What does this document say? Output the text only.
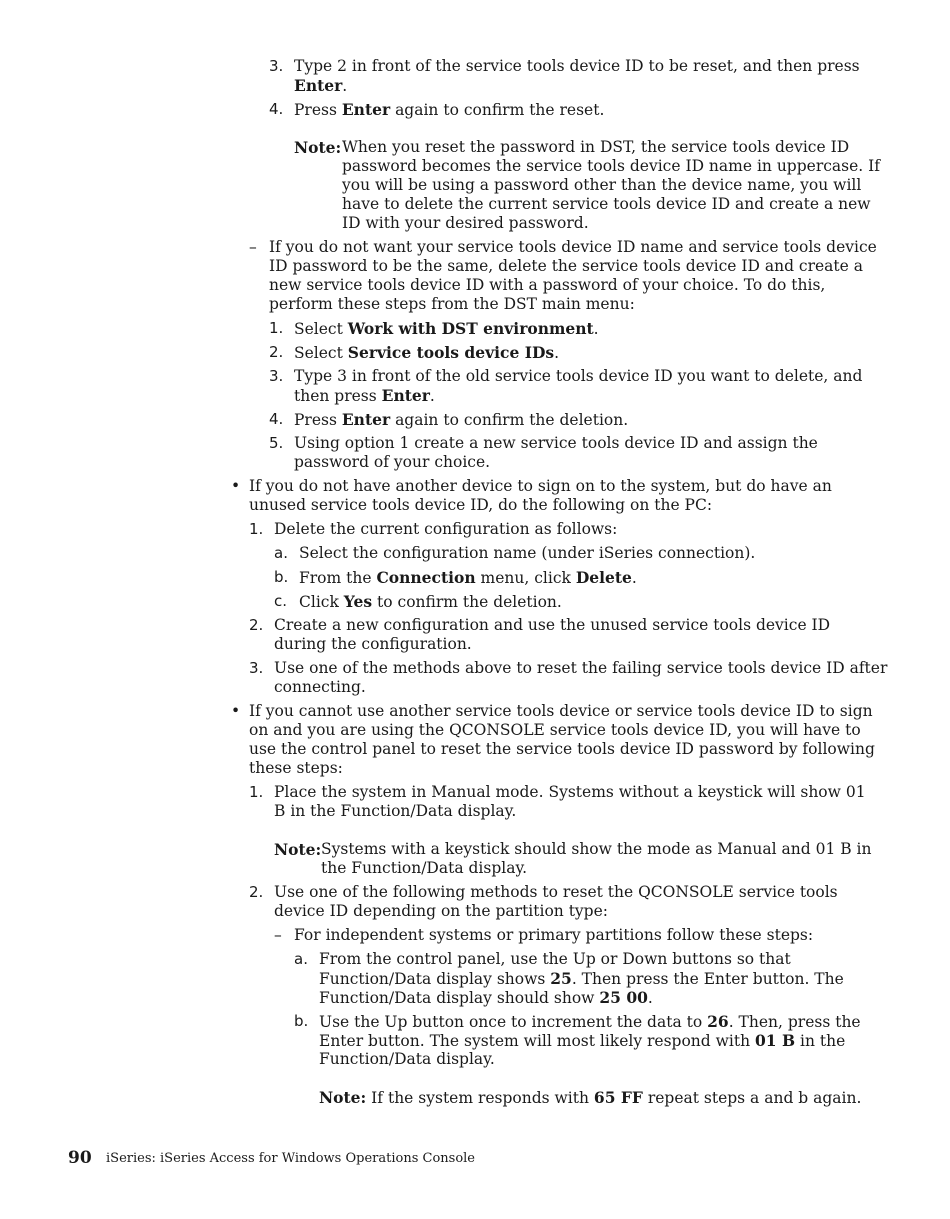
3. Type 2 in front of the service tools device ID to be reset, and then press
Enter.
4. Press Enter again to confirm the reset.
Note: When you reset the password in DST, the service tools device ID
password becomes the service tools device ID name in uppercase. If
you will be using a password other than the device name, you will
have to delete the current service tools device ID and create a new
ID with your desired password.
– If you do not want your service tools device ID name and service tools device
ID password to be the same, delete the service tools device ID and create a
new service tools device ID with a password of your choice. To do this,
perform these steps from the DST main menu:
1. Select Work with DST environment.
2. Select Service tools device IDs.
3. Type 3 in front of the old service tools device ID you want to delete, and
then press Enter.
4. Press Enter again to confirm the deletion.
5. Using option 1 create a new service tools device ID and assign the
password of your choice.
• If you do not have another device to sign on to the system, but do have an
unused service tools device ID, do the following on the PC:
1. Delete the current configuration as follows:
a. Select the configuration name (under iSeries connection).
b. From the Connection menu, click Delete.
c. Click Yes to confirm the deletion.
2. Create a new configuration and use the unused service tools device ID
during the configuration.
3. Use one of the methods above to reset the failing service tools device ID after
connecting.
• If you cannot use another service tools device or service tools device ID to sign
on and you are using the QCONSOLE service tools device ID, you will have to
use the control panel to reset the service tools device ID password by following
these steps:
1. Place the system in Manual mode. Systems without a keystick will show 01
B in the Function/Data display.
Note: Systems with a keystick should show the mode as Manual and 01 B in
the Function/Data display.
2. Use one of the following methods to reset the QCONSOLE service tools
device ID depending on the partition type:
– For independent systems or primary partitions follow these steps:
a. From the control panel, use the Up or Down buttons so that
Function/Data display shows 25. Then press the Enter button. The
Function/Data display should show 25 00.
b. Use the Up button once to increment the data to 26. Then, press the
Enter button. The system will most likely respond with 01 B in the
Function/Data display.
Note: If the system responds with 65 FF repeat steps a and b again.
90 iSeries: iSeries Access for Windows Operations Console
